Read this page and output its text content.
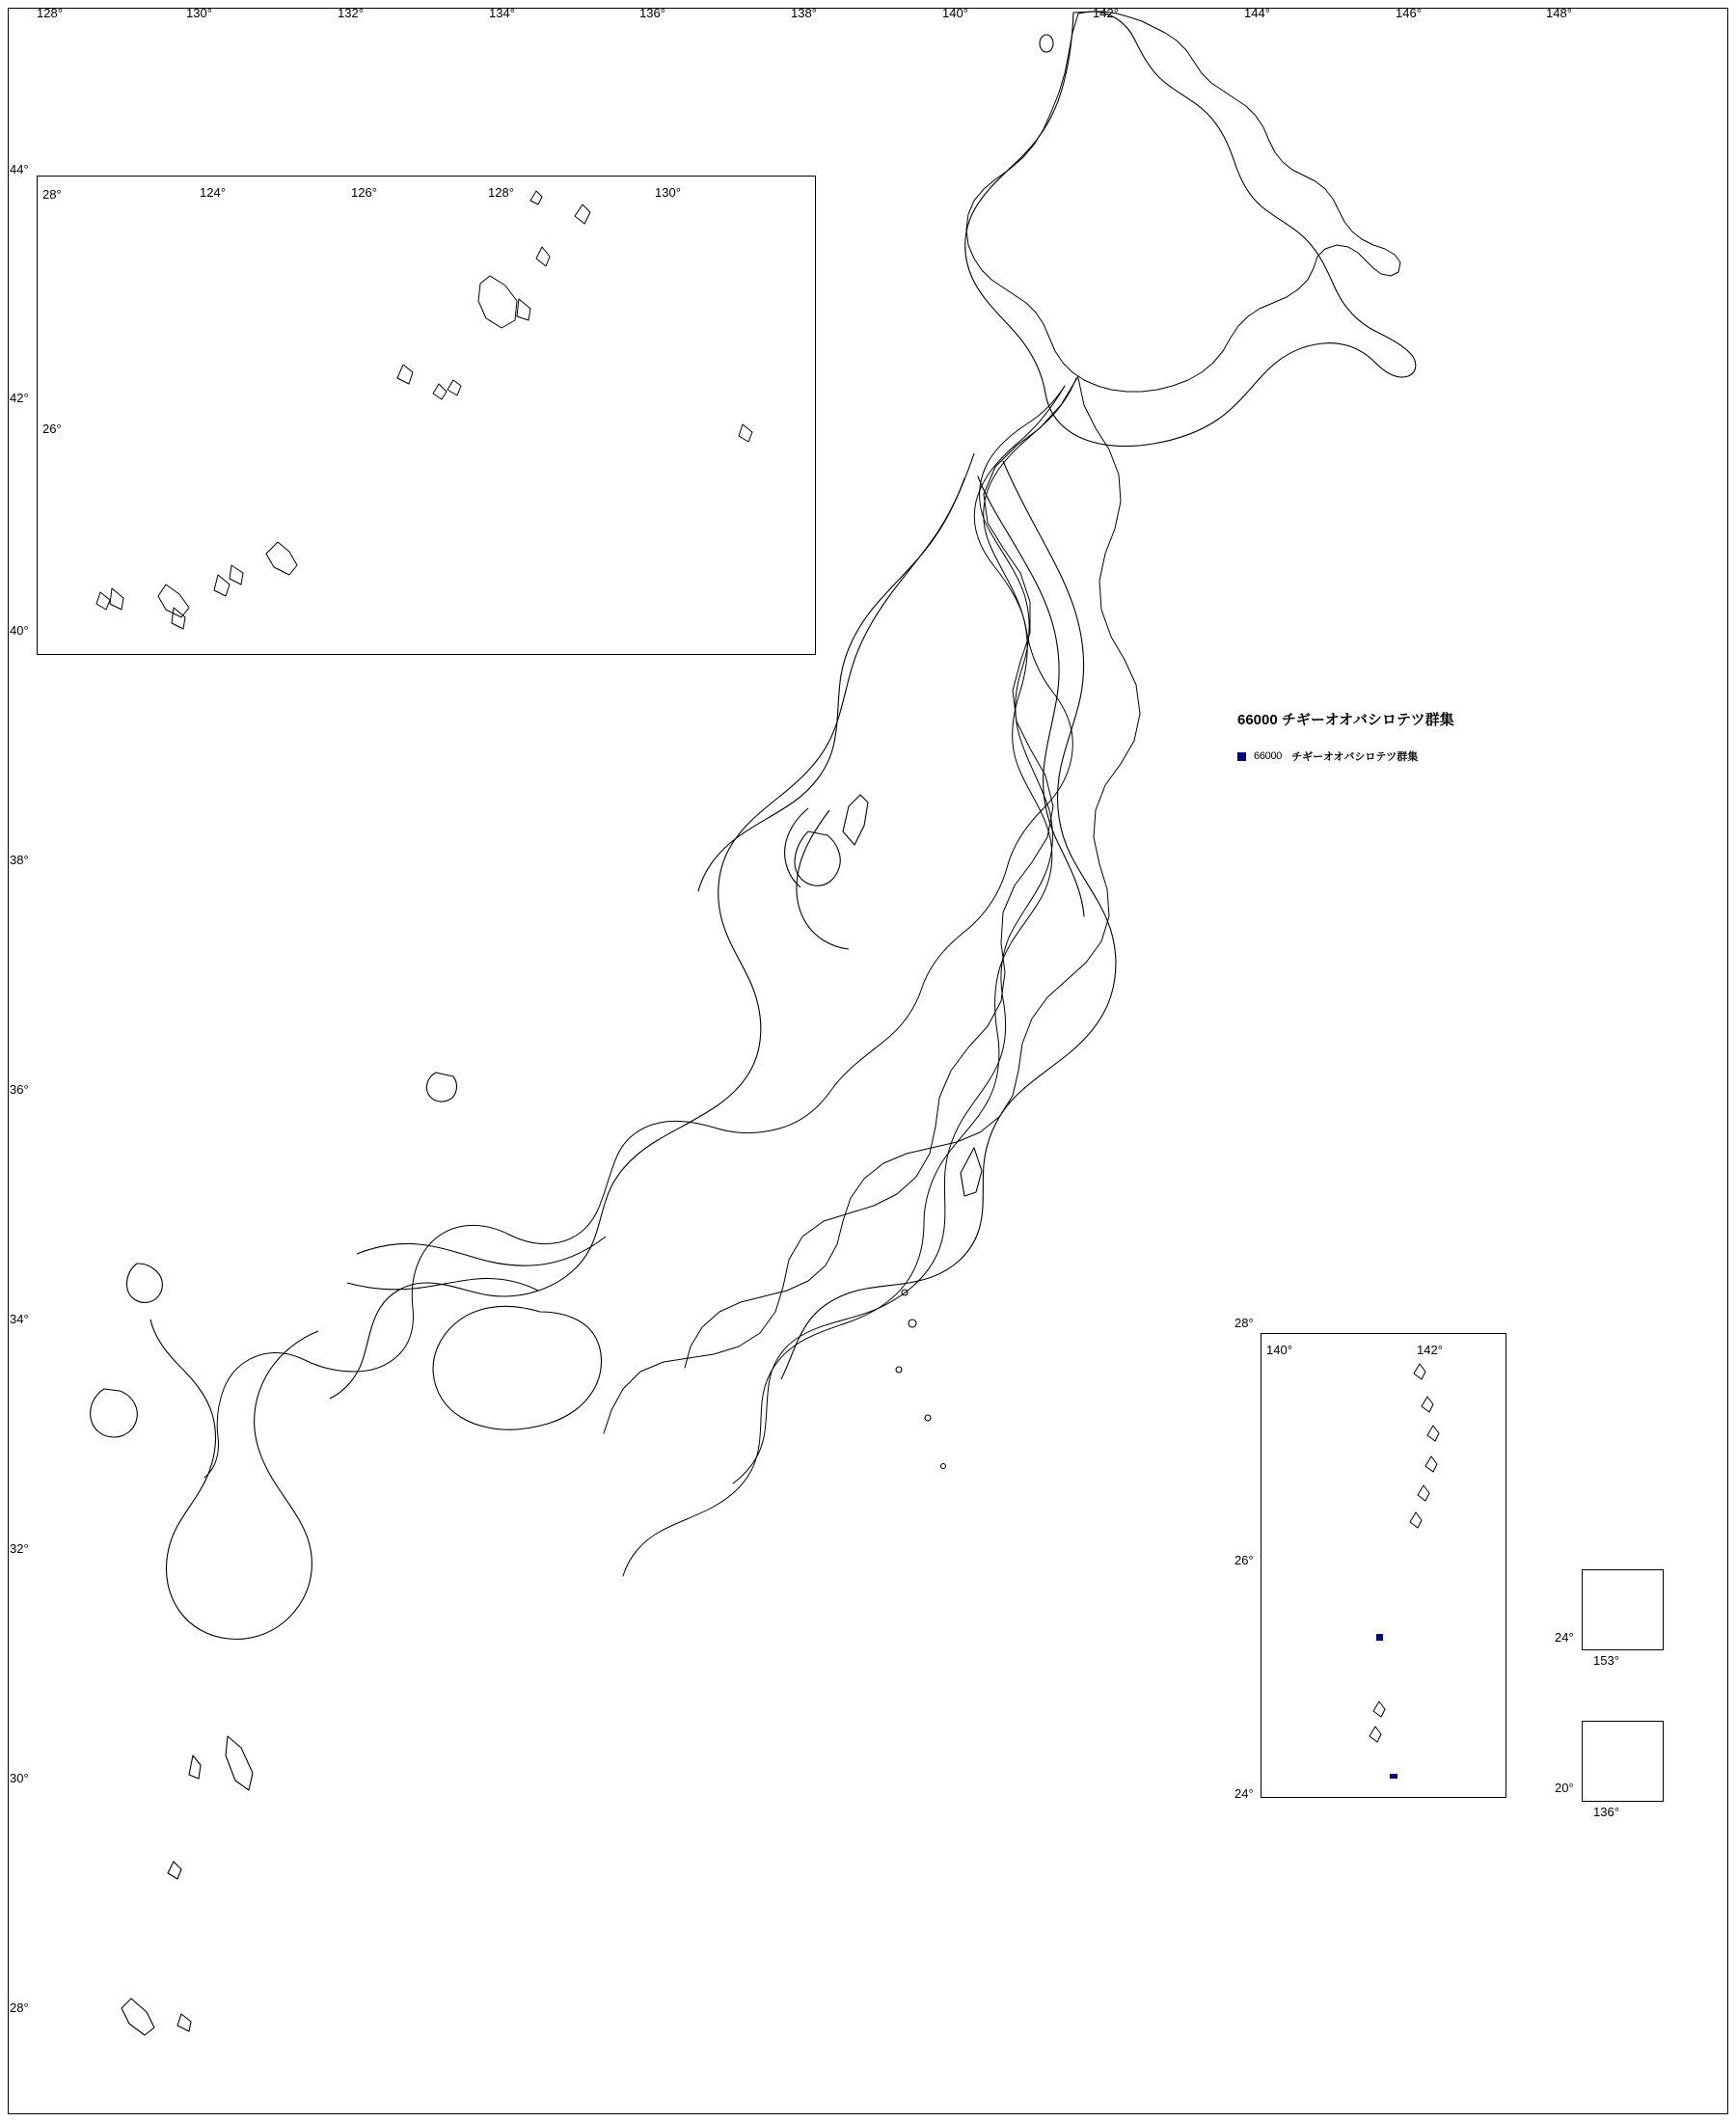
128°	130°	132°	134°	136°	138°	140°	142°	144°	146°	148°
44°
42°
40°
38°
36°
34°
32°
30°
28°
28°
26°
124°	126°	128°	130°
28°
26°
24°
140°	142°
24°
153°
20°
136°
66000 チギーオオバシロテツ群集
66000 チギーオオバシロテツ群集
